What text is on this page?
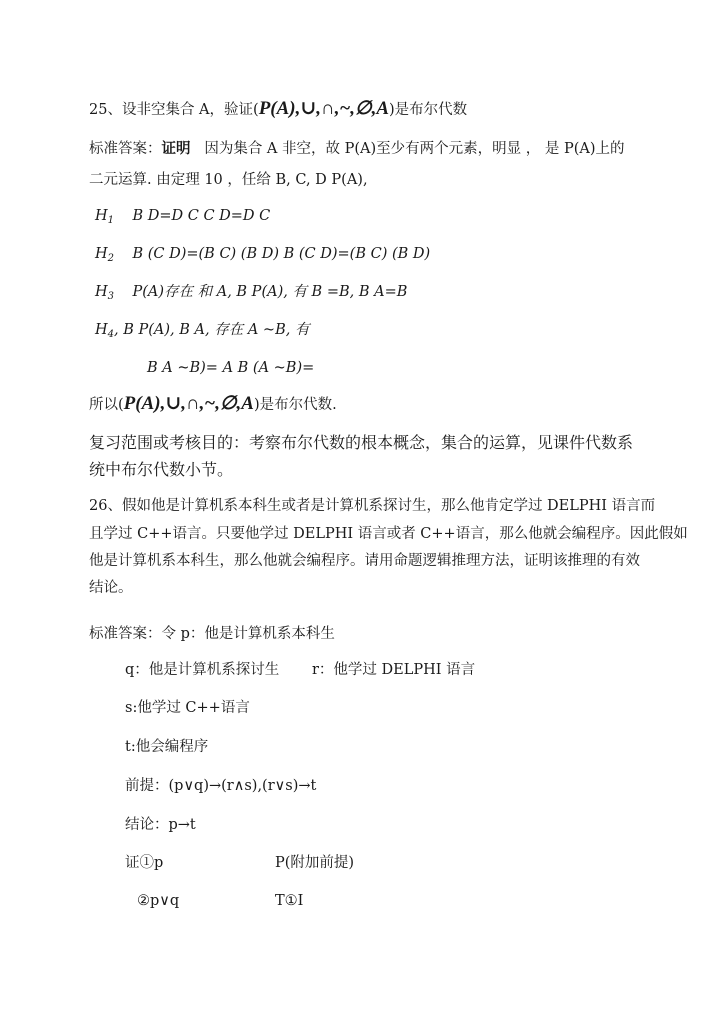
25、设非空集合 A，验证(P(A),∪,∩,~,∅,A)是布尔代数
标准答案：证明 因为集合 A 非空，故 P(A)至少有两个元素，明显 ， 是 P(A)上的
二元运算. 由定理 10 ，任给 B, C, D P(A),
$H_1$ B D=D C C D=D C
$H_2$ B (C D)=(B C) (B D) B (C D)=(B C) (B D)
$H_3$ P(A)存在 和 A, B P(A), 有 B =B, B A=B
$H_4$, B P(A), B A, 存在 A ~B, 有
B A ~B)= A B (A ~B)=
所以(P(A),∪,∩,~,∅,A)是布尔代数.
复习范围或考核目的：考察布尔代数的根本概念，集合的运算，见课件代数系
统中布尔代数小节。
26、假如他是计算机系本科生或者是计算机系探讨生，那么他肯定学过 DELPHI 语言而
且学过 C++语言。只要他学过 DELPHI 语言或者 C++语言，那么他就会编程序。因此假如
他是计算机系本科生，那么他就会编程序。请用命题逻辑推理方法，证明该推理的有效
结论。
标准答案：令 p：他是计算机系本科生
q：他是计算机系探讨生 r：他学过 DELPHI 语言
s:他学过 C++语言
t:他会编程序
前提：(p∨q)→(r∧s),(r∨s)→t
结论：p→t
证①p	P(附加前提)
②p∨q	T①I
